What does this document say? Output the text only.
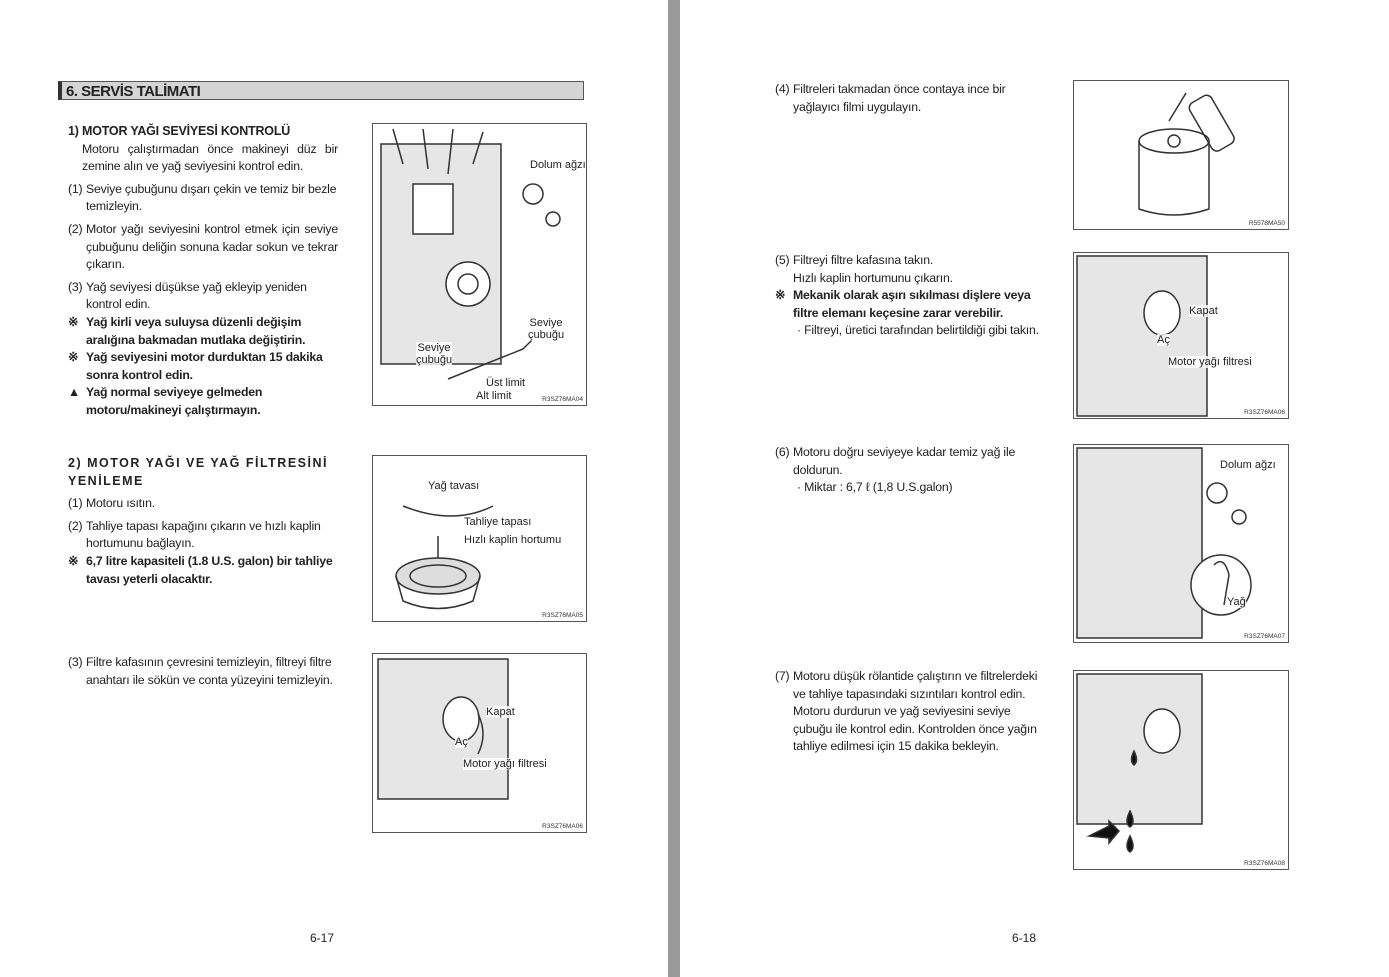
6. SERVİS TALİMATI
1) MOTOR YAĞI SEVİYESİ KONTROLÜ
Motoru çalıştırmadan önce makineyi düz bir zemine alın ve yağ seviyesini kontrol edin.
(1) Seviye çubuğunu dışarı çekin ve temiz bir bezle temizleyin.
(2) Motor yağı seviyesini kontrol etmek için seviye çubuğunu deliğin sonuna kadar sokun ve tekrar çıkarın.
(3) Yağ seviyesi düşükse yağ ekleyip yeniden kontrol edin.
※ Yağ kirli veya suluysa düzenli değişim aralığına bakmadan mutlaka değiştirin.
※ Yağ seviyesini motor durduktan 15 dakika sonra kontrol edin.
▲ Yağ normal seviyeye gelmeden motoru/makineyi çalıştırmayın.
2) MOTOR YAĞI VE YAĞ FİLTRESİNİ YENİLEME
(1) Motoru ısıtın.
(2) Tahliye tapası kapağını çıkarın ve hızlı kaplin hortumunu bağlayın.
※ 6,7 litre kapasiteli (1.8 U.S. galon) bir tahliye tavası yeterli olacaktır.
(3) Filtre kafasının çevresini temizleyin, filtreyi filtre anahtarı ile sökün ve conta yüzeyini temizleyin.
Dolum ağzı
Seviye
çubuğu
Seviye
çubuğu
Üst limit
Alt limit	R3SZ76MA04
Yağ tavası
Tahliye tapası
Hızlı kaplin hortumu
R3SZ76MA05
Kapat
Aç
Motor yağı filtresi
R3SZ76MA06
6-17
(4) Filtreleri takmadan önce contaya ince bir yağlayıcı filmi uygulayın.
(5) Filtreyi filtre kafasına takın.
Hızlı kaplin hortumunu çıkarın.
※ Mekanik olarak aşırı sıkılması dişlere veya filtre elemanı keçesine zarar verebilir.
· Filtreyi, üretici tarafından belirtildiği gibi takın.
(6) Motoru doğru seviyeye kadar temiz yağ ile doldurun.
· Miktar : 6,7 ℓ (1,8 U.S.galon)
(7) Motoru düşük rölantide çalıştırın ve filtrelerdeki ve tahliye tapasındaki sızıntıları kontrol edin. Motoru durdurun ve yağ seviyesini seviye çubuğu ile kontrol edin. Kontrolden önce yağın tahliye edilmesi için 15 dakika bekleyin.
R5578MA50
Kapat
Aç
Motor yağı filtresi
R3SZ76MA06
Dolum ağzı
Yağ
R3SZ76MA07
R3SZ76MA08
6-18
